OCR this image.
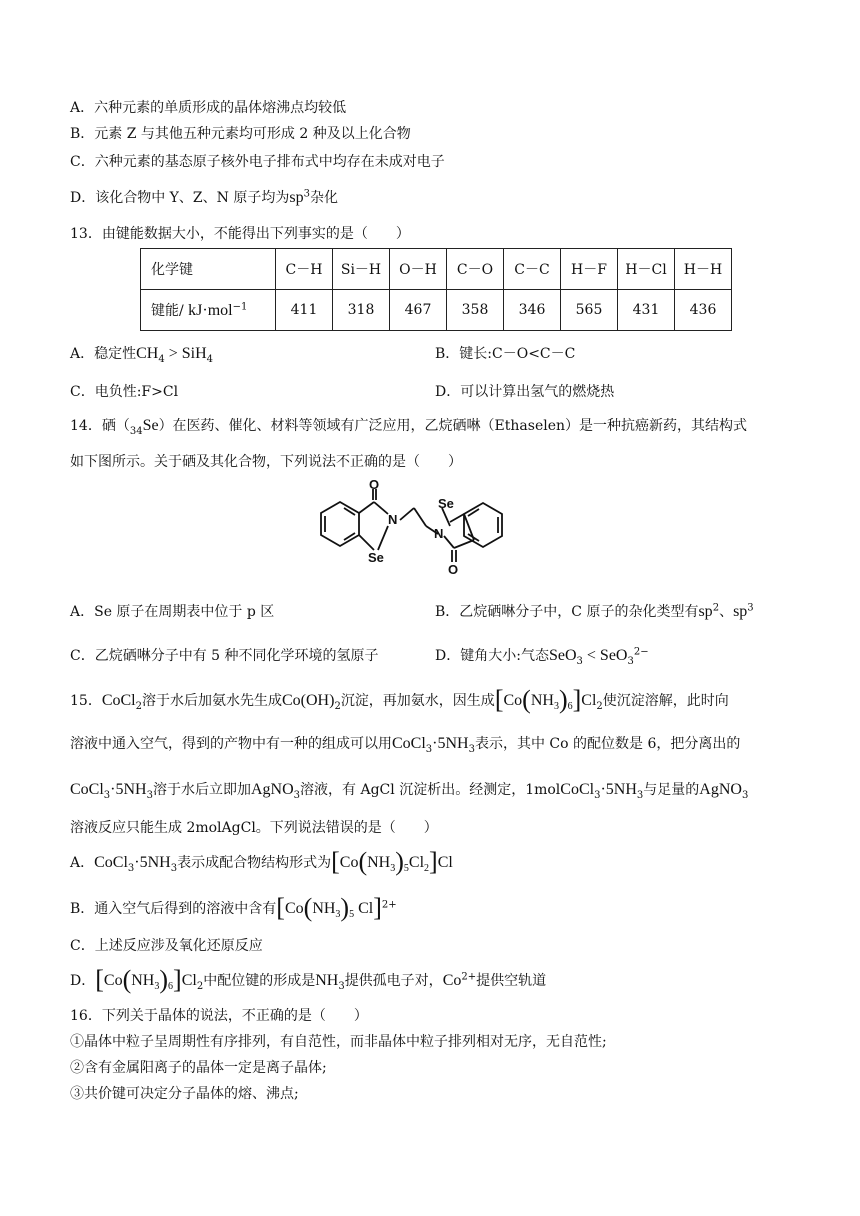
A．六种元素的单质形成的晶体熔沸点均较低
B．元素 Z 与其他五种元素均可形成 2 种及以上化合物
C．六种元素的基态原子核外电子排布式中均存在未成对电子
D．该化合物中 Y、Z、N 原子均为$sp^3$杂化
13．由键能数据大小，不能得出下列事实的是（　　）
化学键	C－H	Si－H	O－H	C－O	C－C	H－F	H－Cl	H－H
键能/ kJ·mol$^{-1}$	411	318	467	358	346	565	431	436
A．稳定性$CH_4 > SiH_4$	B．键长:C－O<C－C
C．电负性:F>Cl	D．可以计算出氢气的燃烧热
14．硒$(_{34}Se)$在医药、催化、材料等领域有广泛应用，乙烷硒啉（Ethaselen）是一种抗癌新药，其结构式
如下图所示。关于硒及其化合物，下列说法不正确的是（　　）
O
N
Se
Se
N
O
A．Se 原子在周期表中位于 p 区	B．乙烷硒啉分子中，C 原子的杂化类型有$sp^2$、$sp^3$
C．乙烷硒啉分子中有 5 种不同化学环境的氢原子	D．键角大小:气态SeO$_3$ < SeO$_3^{2-}$
15．CoCl$_2$溶于水后加氨水先生成$Co(OH)_2$沉淀，再加氨水，因生成$[Co(NH_3)_6]Cl_2$使沉淀溶解，此时向
溶液中通入空气，得到的产物中有一种的组成可以用$CoCl_3\cdot 5NH_3$表示，其中 Co 的配位数是 6，把分离出的
$CoCl_3\cdot 5NH_3$溶于水后立即加AgNO$_3$溶液，有 AgCl 沉淀析出。经测定，$1molCoCl_3\cdot 5NH_3$与足量的AgNO$_3$
溶液反应只能生成 2molAgCl。下列说法错误的是（　　）
A．$CoCl_3\cdot 5NH_3$表示成配合物结构形式为$[Co(NH_3)_5Cl_2]Cl$
B．通入空气后得到的溶液中含有[$Co(NH_3)_5$ Cl]$^{2+}$
C．上述反应涉及氧化还原反应
D．$[Co(NH_3)_6]Cl_2$中配位键的形成是$NH_3$提供孤电子对，$Co^{2+}$提供空轨道
16．下列关于晶体的说法，不正确的是（　　）
①晶体中粒子呈周期性有序排列，有自范性，而非晶体中粒子排列相对无序，无自范性;
②含有金属阳离子的晶体一定是离子晶体;
③共价键可决定分子晶体的熔、沸点;
